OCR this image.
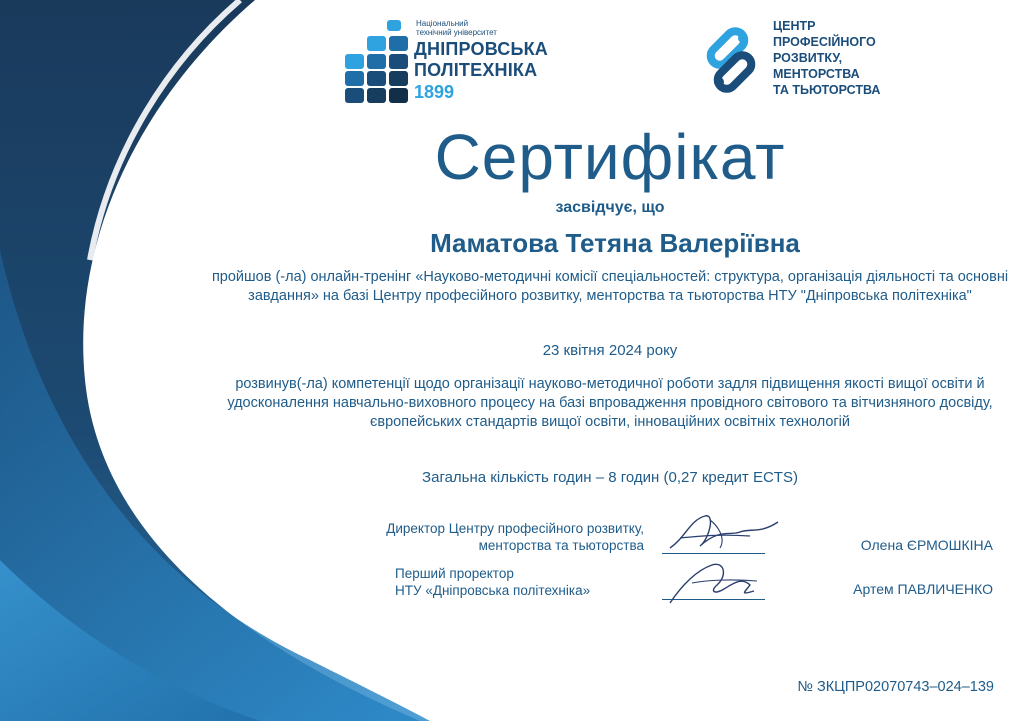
Національний
технічний університет
ДНІПРОВСЬКА
ПОЛІТЕХНІКА
1899
ЦЕНТР
ПРОФЕСІЙНОГО
РОЗВИТКУ,
МЕНТОРСТВА
ТА ТЬЮТОРСТВА
Сертифікат
засвідчує, що
Маматова Тетяна Валеріївна
пройшов (-ла) онлайн-тренінг «Науково-методичні комісії спеціальностей: структура, організація діяльності та основні завдання» на базі Центру професійного розвитку, менторства та тьюторства НТУ "Дніпровська політехніка"
23 квітня 2024 року
розвинув(-ла) компетенції щодо організації науково-методичної роботи задля підвищення якості вищої освіти й удосконалення навчально-виховного процесу на базі впровадження провідного світового та вітчизняного досвіду, європейських стандартів вищої освіти, інноваційних освітніх технологій
Загальна кількість годин – 8 годин (0,27 кредит ECTS)
Директор Центру професійного розвитку,
менторства та тьюторства	Олена ЄРМОШКІНА
Перший проректор
НТУ «Дніпровська політехніка»	Артем ПАВЛИЧЕНКО
№ ЗКЦПР02070743–024–139
